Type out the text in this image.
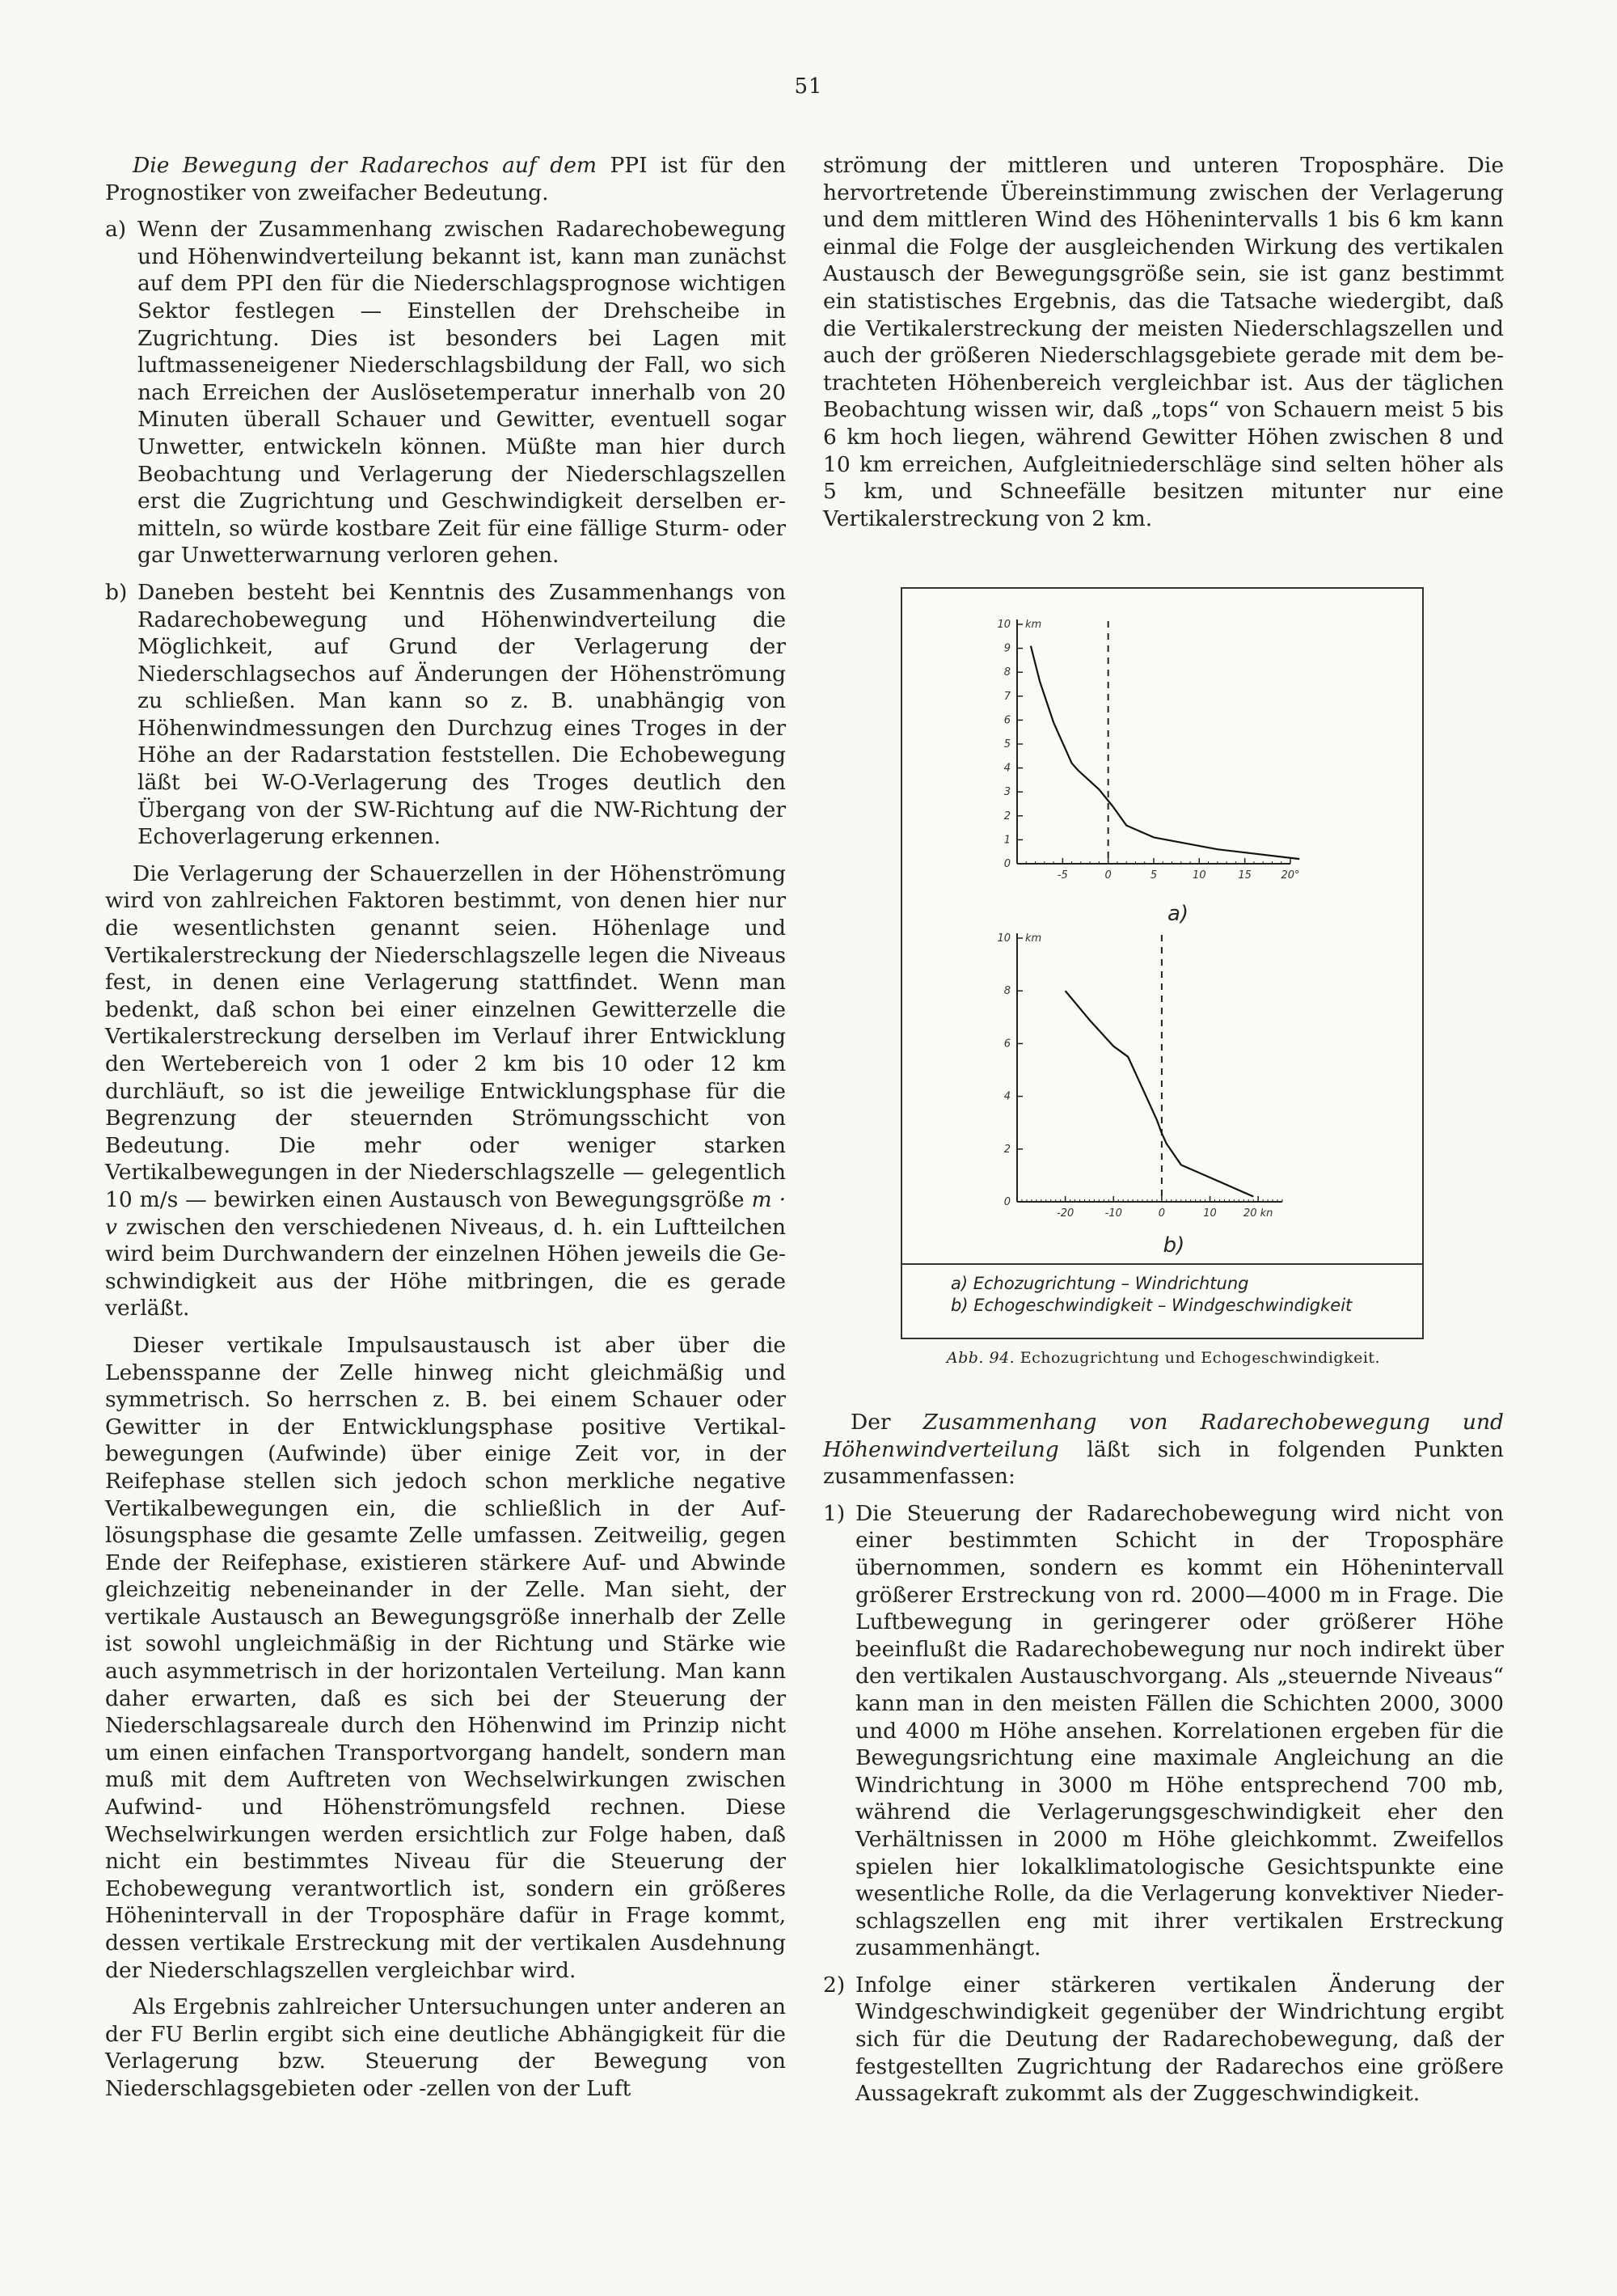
51

Die Bewegung der Radarechos auf dem PPI ist für den Prognostiker von zweifacher Bedeutung.

a) Wenn der Zusammenhang zwischen Radarechobewegung und Höhenwindverteilung bekannt ist, kann man zunächst auf dem PPI den für die Niederschlagsprognose wichtigen Sektor festlegen — Einstellen der Drehscheibe in Zugrichtung. Dies ist besonders bei Lagen mit luftmasseneigener Niederschlagsbildung der Fall, wo sich nach Erreichen der Auslösetemperatur innerhalb von 20 Minuten überall Schauer und Gewitter, eventuell sogar Unwetter, entwickeln können. Müßte man hier durch Beobachtung und Verlagerung der Niederschlagszellen erst die Zugrichtung und Geschwindigkeit derselben ermitteln, so würde kostbare Zeit für eine fällige Sturm- oder gar Unwetterwarnung verloren gehen.
b) Daneben besteht bei Kenntnis des Zusammenhangs von Radarechobewegung und Höhenwindverteilung die Möglichkeit, auf Grund der Verlagerung der Niederschlagsechos auf Änderungen der Höhenströmung zu schließen. Man kann so z. B. unabhängig von Höhenwindmessungen den Durchzug eines Troges in der Höhe an der Radarstation feststellen. Die Echobewegung läßt bei W-O-Verlagerung des Troges deutlich den Übergang von der SW-Richtung auf die NW-Richtung der Echoverlagerung erkennen.

Die Verlagerung der Schauerzellen in der Höhenströmung wird von zahlreichen Faktoren bestimmt, von denen hier nur die wesentlichsten genannt seien. Höhenlage und Vertikalerstreckung der Niederschlagszelle legen die Niveaus fest, in denen eine Verlagerung stattfindet. Wenn man bedenkt, daß schon bei einer einzelnen Gewitterzelle die Vertikalerstreckung derselben im Verlauf ihrer Entwicklung den Wertebereich von 1 oder 2 km bis 10 oder 12 km durchläuft, so ist die jeweilige Entwicklungsphase für die Begrenzung der steuernden Strömungsschicht von Bedeutung. Die mehr oder weniger starken Vertikalbewegungen in der Niederschlagszelle — gelegentlich 10 m/s — bewirken einen Austausch von Bewegungsgröße m · v zwischen den verschiedenen Niveaus, d. h. ein Luftteilchen wird beim Durchwandern der einzelnen Höhen jeweils die Geschwindigkeit aus der Höhe mitbringen, die es gerade verläßt.

Dieser vertikale Impulsaustausch ist aber über die Lebensspanne der Zelle hinweg nicht gleichmäßig und symmetrisch. So herrschen z. B. bei einem Schauer oder Gewitter in der Entwicklungsphase positive Vertikalbewegungen (Aufwinde) über einige Zeit vor, in der Reifephase stellen sich jedoch schon merkliche negative Vertikalbewegungen ein, die schließlich in der Auflösungsphase die gesamte Zelle umfassen. Zeitweilig, gegen Ende der Reifephase, existieren stärkere Auf- und Abwinde gleichzeitig nebeneinander in der Zelle. Man sieht, der vertikale Austausch an Bewegungsgröße innerhalb der Zelle ist sowohl ungleichmäßig in der Richtung und Stärke wie auch asymmetrisch in der horizontalen Verteilung. Man kann daher erwarten, daß es sich bei der Steuerung der Niederschlagsareale durch den Höhenwind im Prinzip nicht um einen einfachen Transportvorgang handelt, sondern man muß mit dem Auftreten von Wechselwirkungen zwischen Aufwind- und Höhenströmungsfeld rechnen. Diese Wechselwirkungen werden ersichtlich zur Folge haben, daß nicht ein bestimmtes Niveau für die Steuerung der Echobewegung verantwortlich ist, sondern ein größeres Höhenintervall in der Troposphäre dafür in Frage kommt, dessen vertikale Erstreckung mit der vertikalen Ausdehnung der Niederschlagszellen vergleichbar wird.

Als Ergebnis zahlreicher Untersuchungen unter anderen an der FU Berlin ergibt sich eine deutliche Abhängigkeit für die Verlagerung bzw. Steuerung der Bewegung von Niederschlagsgebieten oder -zellen von der Luft

strömung der mittleren und unteren Troposphäre. Die hervortretende Übereinstimmung zwischen der Verlagerung und dem mittleren Wind des Höhenintervalls 1 bis 6 km kann einmal die Folge der ausgleichenden Wirkung des vertikalen Austausch der Bewegungsgröße sein, sie ist ganz bestimmt ein statistisches Ergebnis, das die Tatsache wiedergibt, daß die Vertikalerstreckung der meisten Niederschlagszellen und auch der größeren Niederschlagsgebiete gerade mit dem betrachteten Höhenbereich vergleichbar ist. Aus der täglichen Beobachtung wissen wir, daß „tops“ von Schauern meist 5 bis 6 km hoch liegen, während Gewitter Höhen zwischen 8 und 10 km erreichen, Aufgleitniederschläge sind selten höher als 5 km, und Schneefälle besitzen mitunter nur eine Vertikalerstreckung von 2 km.

0
1
2
3
4
5
6
7
8
9
10 km
-5	0	5	10	15	20°
a)
0
2
4
6
8
10 km
-20	-10	0	10	20 kn
b)
a) Echozugrichtung – Windrichtung
b) Echogeschwindigkeit – Windgeschwindigkeit
Abb. 94. Echozugrichtung und Echogeschwindigkeit.

Der Zusammenhang von Radarechobewegung und Höhenwindverteilung läßt sich in folgenden Punkten zusammenfassen:

1) Die Steuerung der Radarechobewegung wird nicht von einer bestimmten Schicht in der Troposphäre übernommen, sondern es kommt ein Höhenintervall größerer Erstreckung von rd. 2000—4000 m in Frage. Die Luftbewegung in geringerer oder größerer Höhe beeinflußt die Radarechobewegung nur noch indirekt über den vertikalen Austauschvorgang. Als „steuernde Niveaus“ kann man in den meisten Fällen die Schichten 2000, 3000 und 4000 m Höhe ansehen. Korrelationen ergeben für die Bewegungsrichtung eine maximale Angleichung an die Windrichtung in 3000 m Höhe entsprechend 700 mb, während die Verlagerungsgeschwindigkeit eher den Verhältnissen in 2000 m Höhe gleichkommt. Zweifellos spielen hier lokalklimatologische Gesichtspunkte eine wesentliche Rolle, da die Verlagerung konvektiver Niederschlagszellen eng mit ihrer vertikalen Erstreckung zusammenhängt.
2) Infolge einer stärkeren vertikalen Änderung der Windgeschwindigkeit gegenüber der Windrichtung ergibt sich für die Deutung der Radarechobewegung, daß der festgestellten Zugrichtung der Radarechos eine größere Aussagekraft zukommt als der Zuggeschwindigkeit.
